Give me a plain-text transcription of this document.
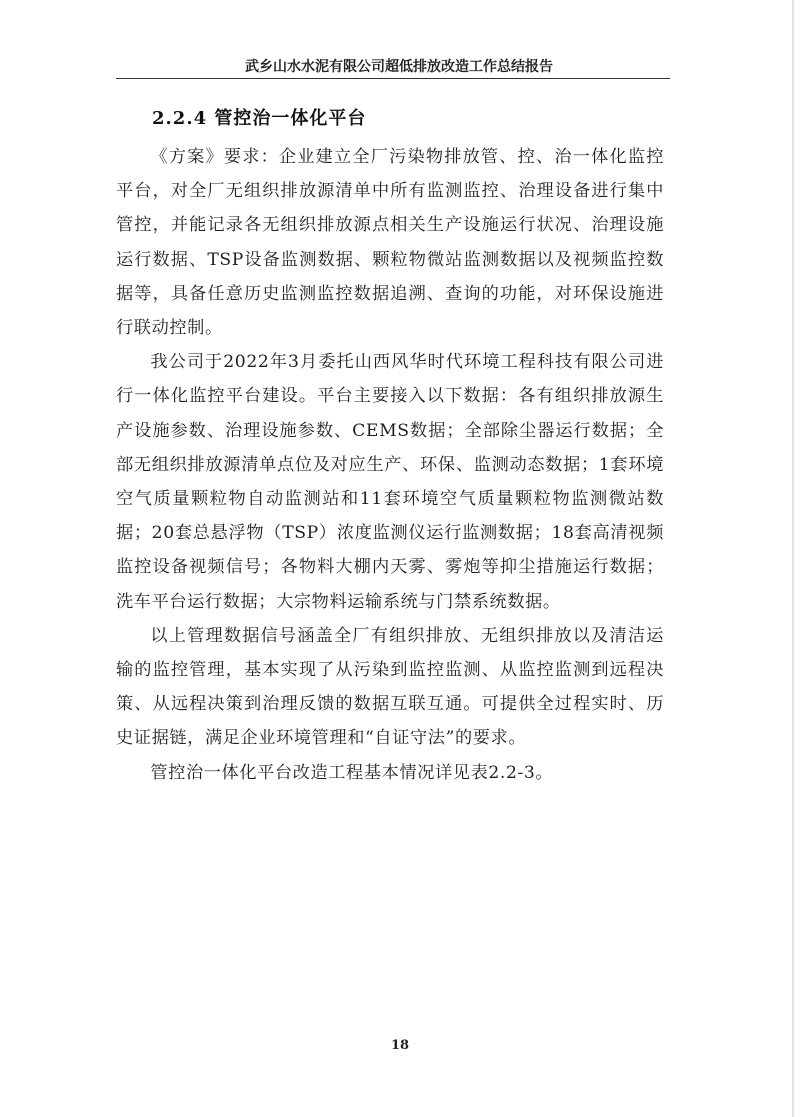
武乡山水水泥有限公司超低排放改造工作总结报告
2.2.4 管控治一体化平台

《方案》要求：企业建立全厂污染物排放管、控、治一体化监控平台，对全厂无组织排放源清单中所有监测监控、治理设备进行集中管控，并能记录各无组织排放源点相关生产设施运行状况、治理设施运行数据、TSP设备监测数据、颗粒物微站监测数据以及视频监控数据等，具备任意历史监测监控数据追溯、查询的功能，对环保设施进行联动控制。

我公司于2022年3月委托山西风华时代环境工程科技有限公司进行一体化监控平台建设。平台主要接入以下数据：各有组织排放源生产设施参数、治理设施参数、CEMS数据；全部除尘器运行数据；全部无组织排放源清单点位及对应生产、环保、监测动态数据；1套环境空气质量颗粒物自动监测站和11套环境空气质量颗粒物监测微站数据；20套总悬浮物（TSP）浓度监测仪运行监测数据；18套高清视频监控设备视频信号；各物料大棚内天雾、雾炮等抑尘措施运行数据；洗车平台运行数据；大宗物料运输系统与门禁系统数据。

以上管理数据信号涵盖全厂有组织排放、无组织排放以及清洁运输的监控管理，基本实现了从污染到监控监测、从监控监测到远程决策、从远程决策到治理反馈的数据互联互通。可提供全过程实时、历史证据链，满足企业环境管理和“自证守法”的要求。

管控治一体化平台改造工程基本情况详见表2.2-3。

18
